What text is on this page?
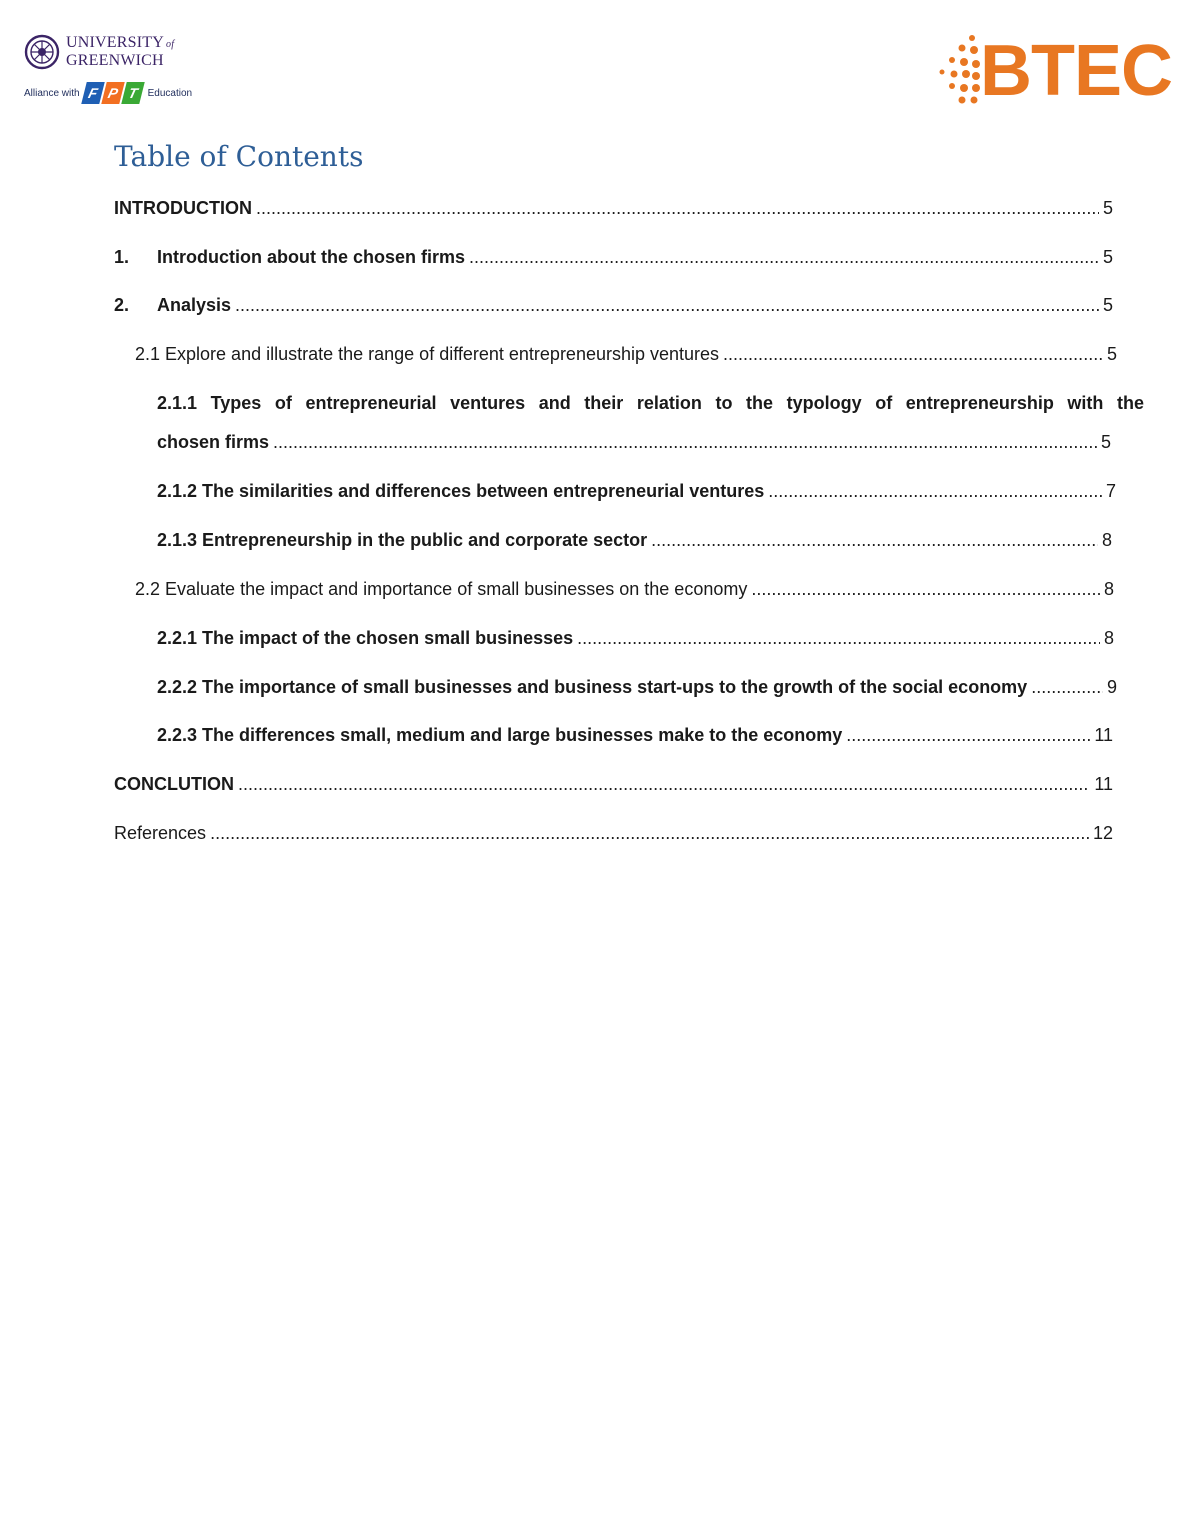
UNIVERSITY of
GREENWICH
Alliance with F P T Education	BTEC
Table of Contents
INTRODUCTION . . .	5
1.	Introduction about the chosen firms . . .	5
2.	Analysis . . .	5
2.1 Explore and illustrate the range of different entrepreneurship ventures . . .	5
2.1.1 Types of entrepreneurial ventures and their relation to the typology of entrepreneurship with the
chosen firms . . .	5
2.1.2 The similarities and differences between entrepreneurial ventures . . .	7
2.1.3 Entrepreneurship in the public and corporate sector . . .	8
2.2 Evaluate the impact and importance of small businesses on the economy . . .	8
2.2.1 The impact of the chosen small businesses . . .	8
2.2.2 The importance of small businesses and business start-ups to the growth of the social economy . . .	9
2.2.3 The differences small, medium and large businesses make to the economy . . .	11
CONCLUTION . . .	11
References . . .	12
